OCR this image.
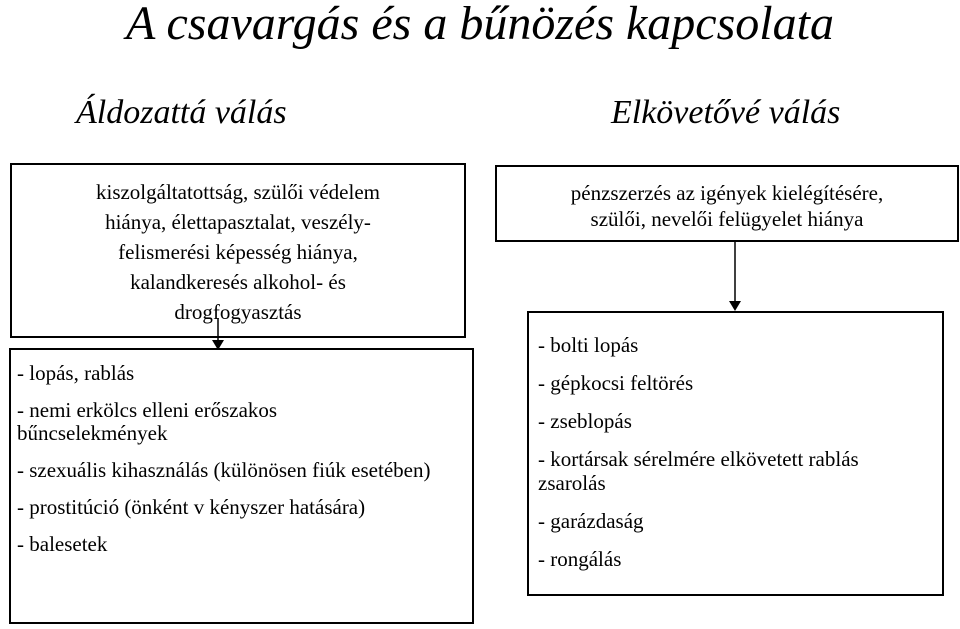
A csavargás és a bűnözés kapcsolata
Áldozattá válás	Elkövetővé válás
kiszolgáltatottság, szülői védelem
hiánya, élettapasztalat, veszély-
felismerési képesség hiánya,
kalandkeresés alkohol- és
drogfogyasztás
- lopás, rablás
- nemi erkölcs elleni erőszakos bűncselekmények
- szexuális kihasználás (különösen fiúk esetében)
- prostitúció (önként v kényszer hatására)
- balesetek
pénzszerzés az igények kielégítésére,
szülői, nevelői felügyelet hiánya
- bolti lopás
- gépkocsi feltörés
- zseblopás
- kortársak sérelmére elkövetett rablás zsarolás
- garázdaság
- rongálás
